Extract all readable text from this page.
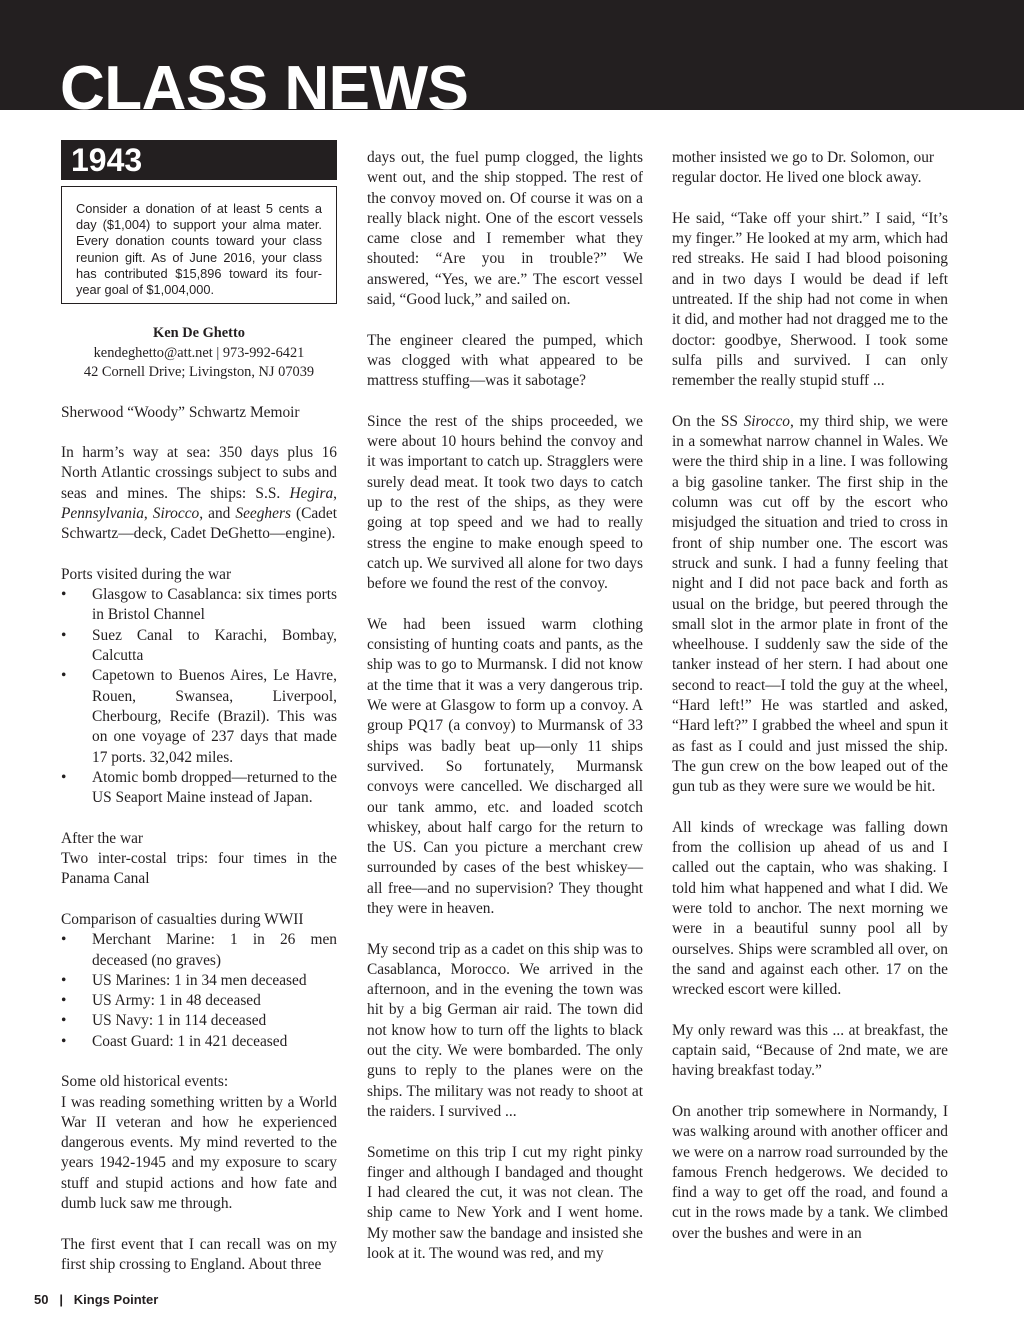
CLASS NEWS
1943
Consider a donation of at least 5 cents a day ($1,004) to support your alma mater. Every donation counts toward your class reunion gift. As of June 2016, your class has contributed $15,896 toward its four-year goal of $1,004,000.
Ken De Ghetto
kendeghetto@att.net | 973-992-6421
42 Cornell Drive; Livingston, NJ 07039

Sherwood “Woody” Schwartz Memoir

In harm’s way at sea: 350 days plus 16 North Atlantic crossings subject to subs and seas and mines. The ships: S.S. Hegira, Pennsylvania, Sirocco, and Seeghers (Cadet Schwartz—deck, Cadet DeGhetto—engine).

Ports visited during the war
• Glasgow to Casablanca: six times ports in Bristol Channel
• Suez Canal to Karachi, Bombay, Calcutta
• Capetown to Buenos Aires, Le Havre, Rouen, Swansea, Liverpool, Cherbourg, Recife (Brazil). This was on one voyage of 237 days that made 17 ports. 32,042 miles.
• Atomic bomb dropped—returned to the US Seaport Maine instead of Japan.
After the war

Two inter-costal trips: four times in the Panama Canal

Comparison of casualties during WWII
• Merchant Marine: 1 in 26 men deceased (no graves)
• US Marines: 1 in 34 men deceased
• US Army: 1 in 48 deceased
• US Navy: 1 in 114 deceased
• Coast Guard: 1 in 421 deceased
Some old historical events:

I was reading something written by a World War II veteran and how he experienced dangerous events. My mind reverted to the years 1942-1945 and my exposure to scary stuff and stupid actions and how fate and dumb luck saw me through.

The first event that I can recall was on my first ship crossing to England. About three

days out, the fuel pump clogged, the lights went out, and the ship stopped. The rest of the convoy moved on. Of course it was on a really black night. One of the escort vessels came close and I remember what they shouted: “Are you in trouble?” We answered, “Yes, we are.” The escort vessel said, “Good luck,” and sailed on.

The engineer cleared the pumped, which was clogged with what appeared to be mattress stuffing—was it sabotage?

Since the rest of the ships proceeded, we were about 10 hours behind the convoy and it was important to catch up. Stragglers were surely dead meat. It took two days to catch up to the rest of the ships, as they were going at top speed and we had to really stress the engine to make enough speed to catch up. We survived all alone for two days before we found the rest of the convoy.

We had been issued warm clothing consisting of hunting coats and pants, as the ship was to go to Murmansk. I did not know at the time that it was a very dangerous trip. We were at Glasgow to form up a convoy. A group PQ17 (a convoy) to Murmansk of 33 ships was badly beat up—only 11 ships survived. So fortunately, Murmansk convoys were cancelled. We discharged all our tank ammo, etc. and loaded scotch whiskey, about half cargo for the return to the US. Can you picture a merchant crew surrounded by cases of the best whiskey—all free—and no supervision? They thought they were in heaven.

My second trip as a cadet on this ship was to Casablanca, Morocco. We arrived in the afternoon, and in the evening the town was hit by a big German air raid. The town did not know how to turn off the lights to black out the city. We were bombarded. The only guns to reply to the planes were on the ships. The military was not ready to shoot at the raiders. I survived ...

Sometime on this trip I cut my right pinky finger and although I bandaged and thought I had cleared the cut, it was not clean. The ship came to New York and I went home. My mother saw the bandage and insisted she look at it. The wound was red, and my

mother insisted we go to Dr. Solomon, our regular doctor. He lived one block away.

He said, “Take off your shirt.” I said, “It’s my finger.” He looked at my arm, which had red streaks. He said I had blood poisoning and in two days I would be dead if left untreated. If the ship had not come in when it did, and mother had not dragged me to the doctor: goodbye, Sherwood. I took some sulfa pills and survived. I can only remember the really stupid stuff ...

On the SS Sirocco, my third ship, we were in a somewhat narrow channel in Wales. We were the third ship in a line. I was following a big gasoline tanker. The first ship in the column was cut off by the escort who misjudged the situation and tried to cross in front of ship number one. The escort was struck and sunk. I had a funny feeling that night and I did not pace back and forth as usual on the bridge, but peered through the small slot in the armor plate in front of the wheelhouse. I suddenly saw the side of the tanker instead of her stern. I had about one second to react—I told the guy at the wheel, “Hard left!” He was startled and asked, “Hard left?” I grabbed the wheel and spun it as fast as I could and just missed the ship. The gun crew on the bow leaped out of the gun tub as they were sure we would be hit.

All kinds of wreckage was falling down from the collision up ahead of us and I called out the captain, who was shaking. I told him what happened and what I did. We were told to anchor. The next morning we were in a beautiful sunny pool all by ourselves. Ships were scrambled all over, on the sand and against each other. 17 on the wrecked escort were killed.

My only reward was this ... at breakfast, the captain said, “Because of 2nd mate, we are having breakfast today.”

On another trip somewhere in Normandy, I was walking around with another officer and we were on a narrow road surrounded by the famous French hedgerows. We decided to find a way to get off the road, and found a cut in the rows made by a tank. We climbed over the bushes and were in an

50 | Kings Pointer
